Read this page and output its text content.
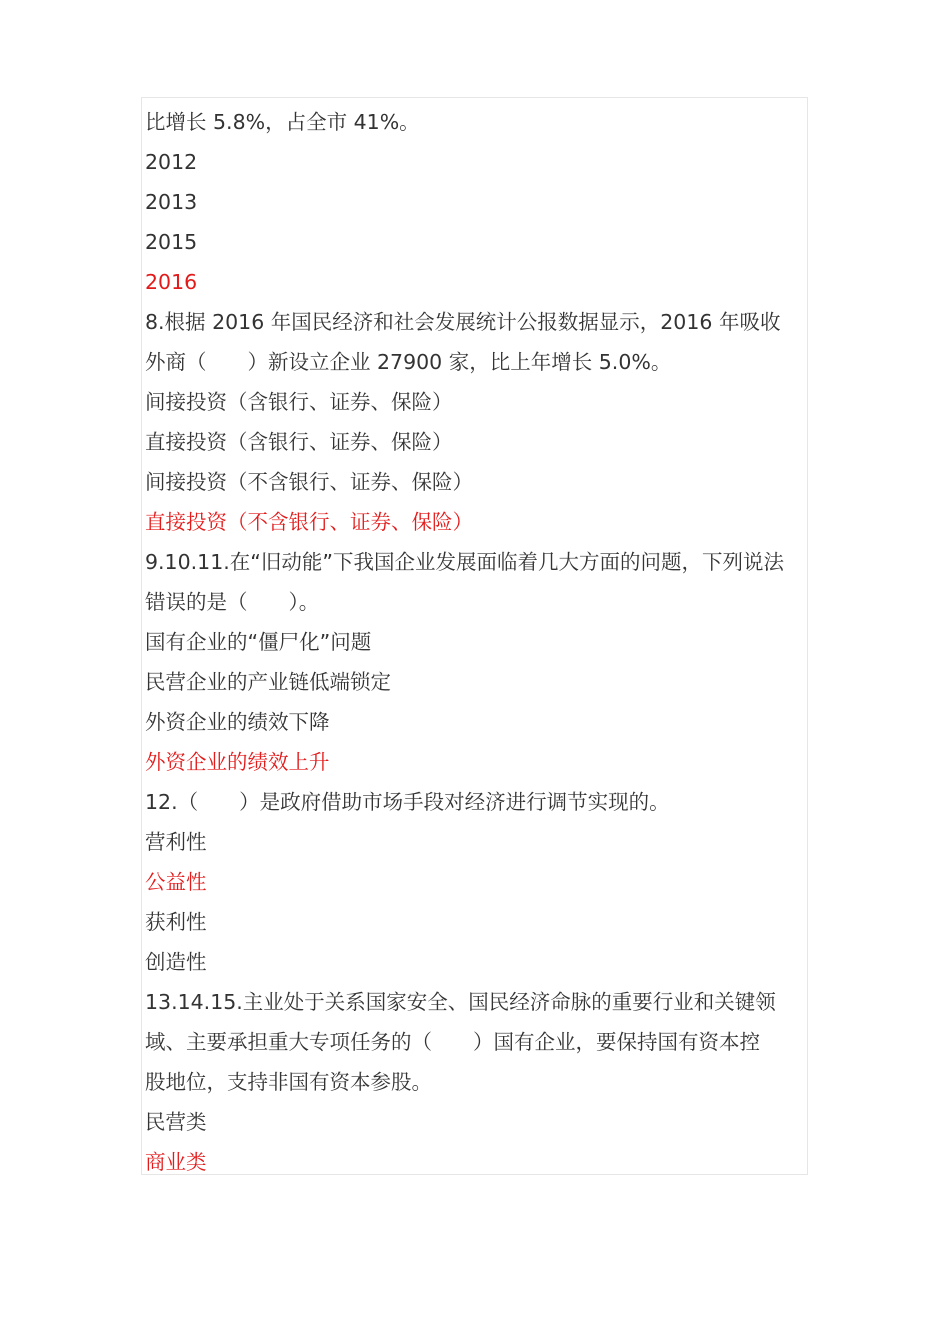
比增长 5.8%，占全市 41%。
2012
2013
2015
2016
8.根据 2016 年国民经济和社会发展统计公报数据显示，2016 年吸收
外商（　　）新设立企业 27900 家，比上年增长 5.0%。
间接投资（含银行、证券、保险）
直接投资（含银行、证券、保险）
间接投资（不含银行、证券、保险）
直接投资（不含银行、证券、保险）
9.10.11.在“旧动能”下我国企业发展面临着几大方面的问题，下列说法
错误的是（　　）。
国有企业的“僵尸化”问题
民营企业的产业链低端锁定
外资企业的绩效下降
外资企业的绩效上升
12.（　　）是政府借助市场手段对经济进行调节实现的。
营利性
公益性
获利性
创造性
13.14.15.主业处于关系国家安全、国民经济命脉的重要行业和关键领
域、主要承担重大专项任务的（　　）国有企业，要保持国有资本控
股地位，支持非国有资本参股。
民营类
商业类
